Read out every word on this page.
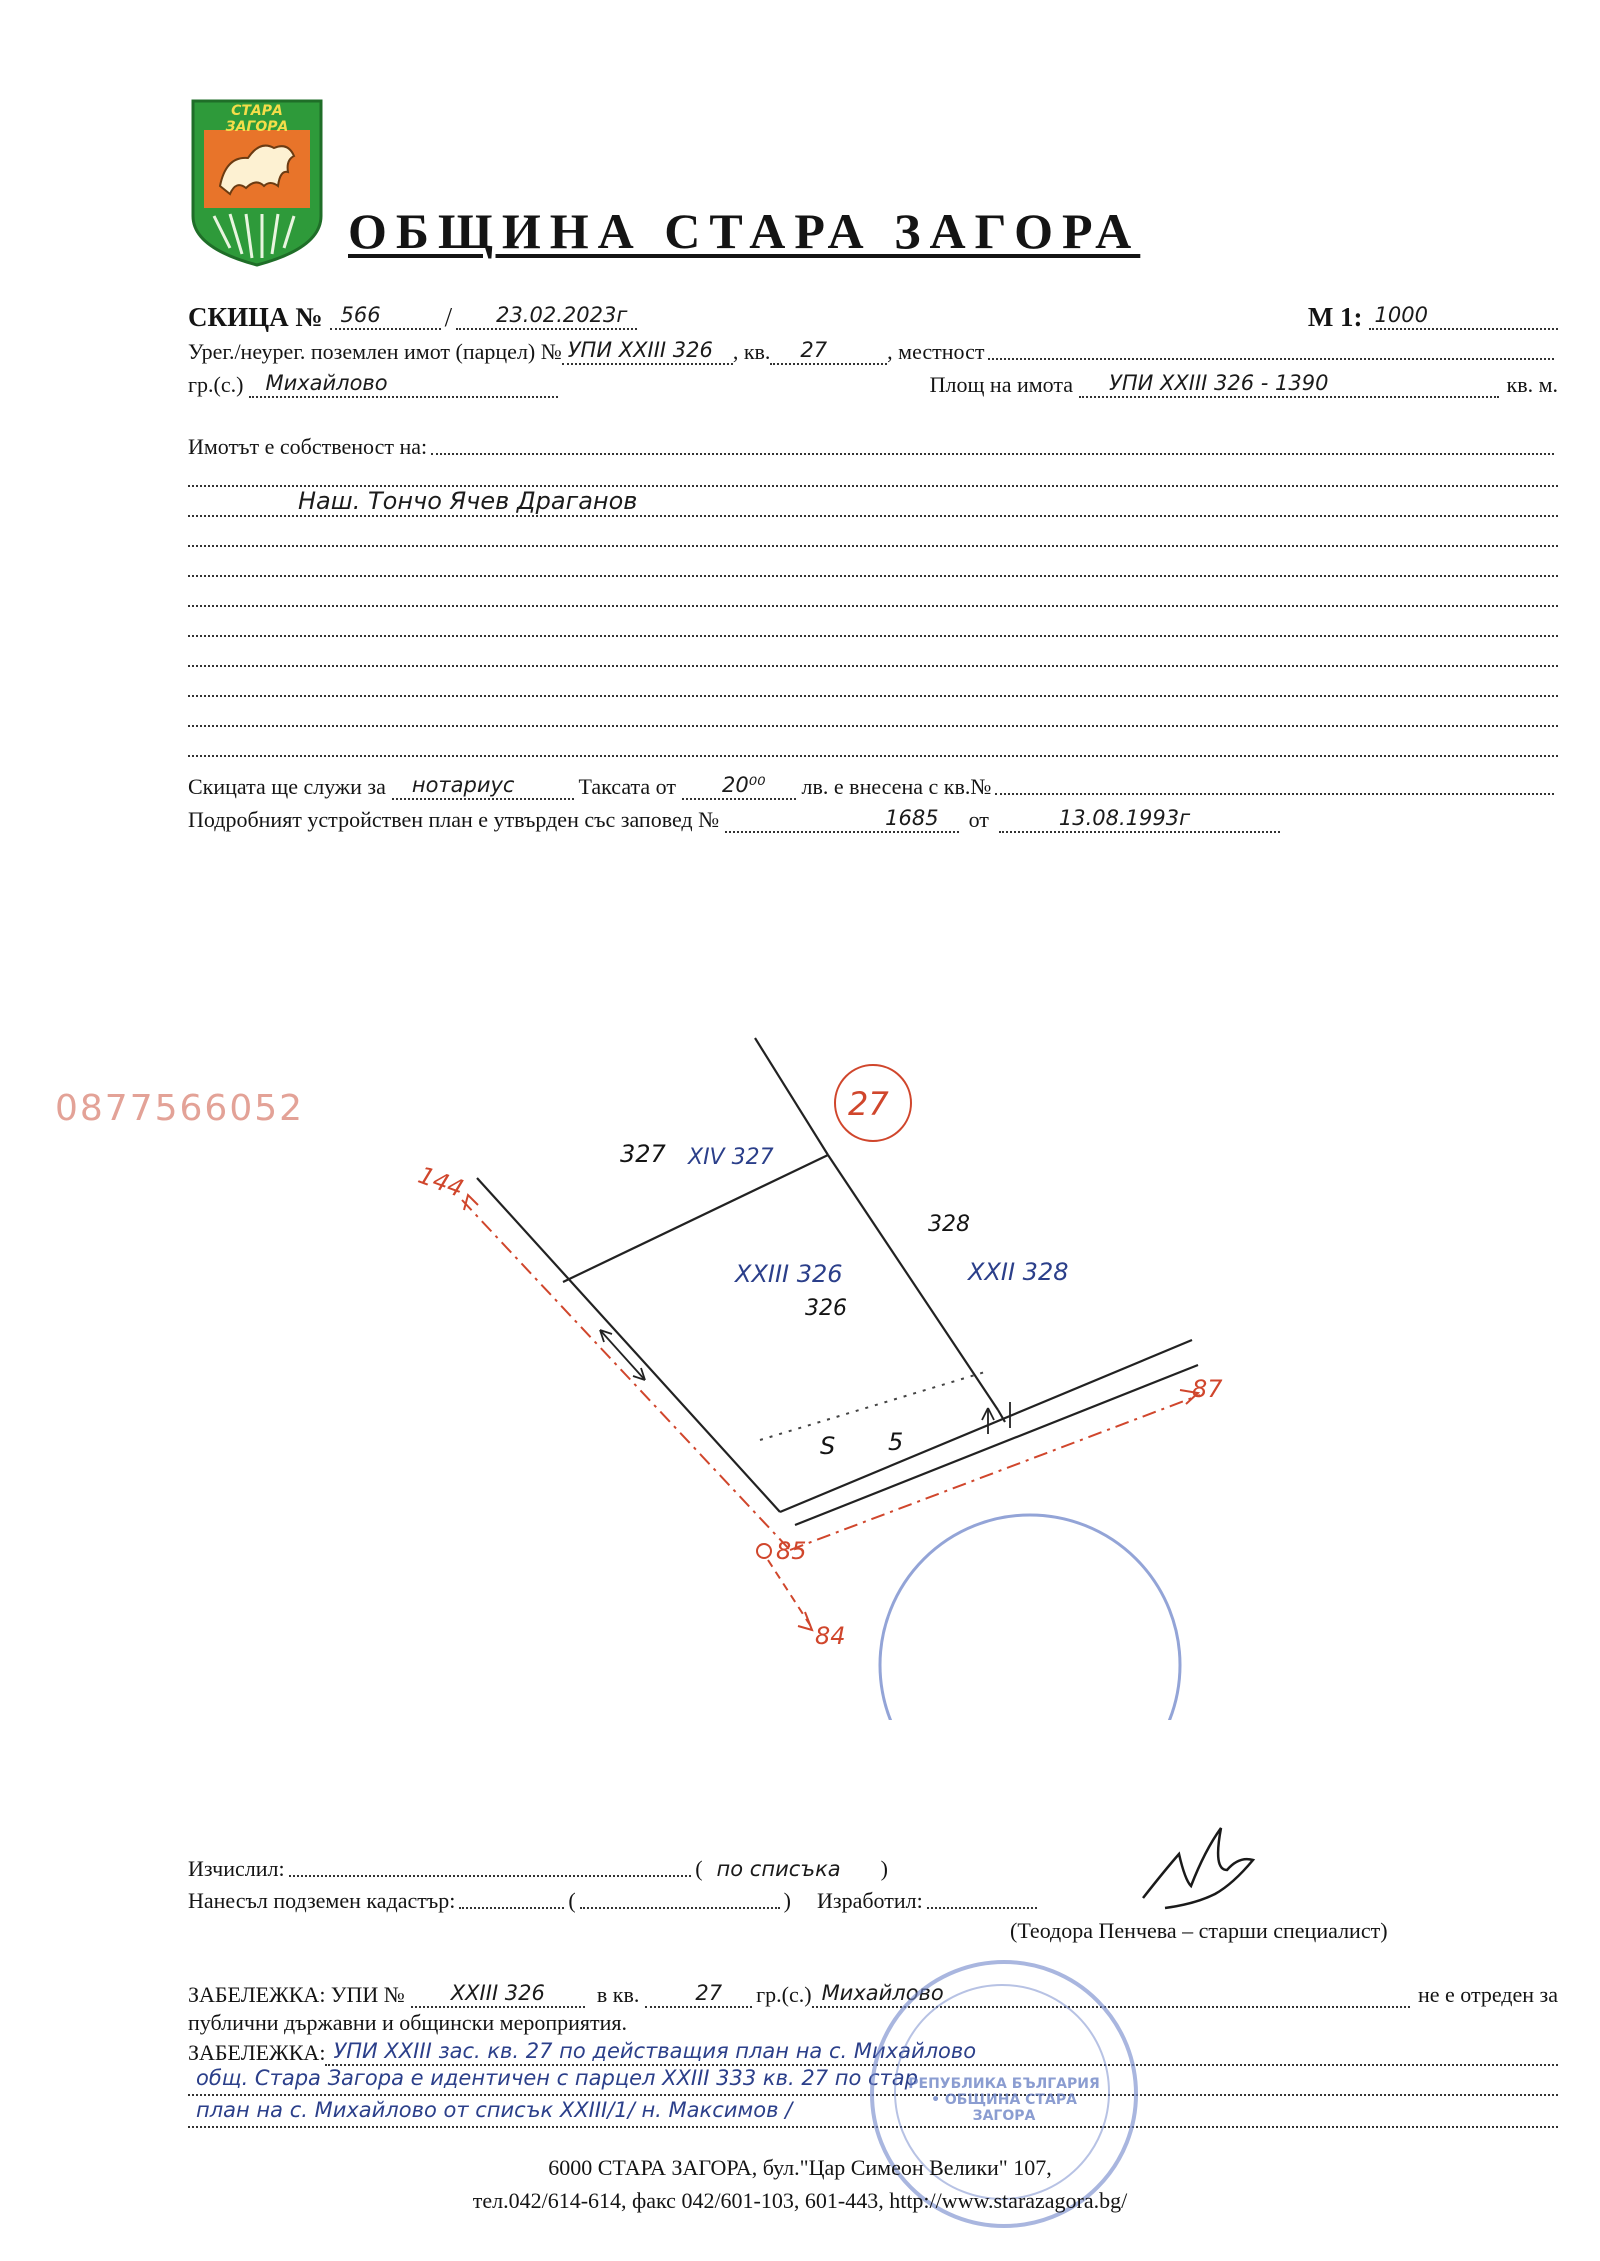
СТАРА ЗАГОРА
ОБЩИНА СТАРА ЗАГОРА
СКИЦА № 566	/	23.02.2023г	М 1: 1000
Урег./неурег. поземлен имот (парцел) № УПИ XXIII 326 , кв.	27	, местност
гр.(с.)	Михайлово	Площ на имота	УПИ XXIII 326 - 1390	кв. м.
Имотът е собственост на:
Наш. Тончо Ячев Драганов
Скицата ще служи за	нотариус	Таксата от	20⁰⁰	лв. е внесена с кв.№
Подробният устройствен план е утвърден със заповед №	1685	от	13.08.1993г
0877566052	27
327 XIV 327
328
XXII 328
XXIII 326
326
144
87
85
84
S 5
Изчислил:	( по списъка	)
Нанесъл подземен кадастър:	(	) Изработил:
(Теодора Пенчева – старши специалист)
ЗАБЕЛЕЖКА: УПИ №	XXIII 326	в кв.	27	гр.(с.) Михайлово	не е отреден за
публични държавни и общински мероприятия.
ЗАБЕЛЕЖКА: УПИ XXIII зас. кв. 27 по действащия план на с. Михайлово
общ. Стара Загора е идентичен с парцел XXIII 333 кв. 27 по стар
план на с. Михайлово от списък XXIII/1/ н. Максимов /
РЕПУБЛИКА БЪЛГАРИЯ • ОБЩИНА СТАРА ЗАГОРА
6000 СТАРА ЗАГОРА, бул."Цар Симеон Велики" 107,
тел.042/614-614, факс 042/601-103, 601-443, http://www.starazagora.bg/
